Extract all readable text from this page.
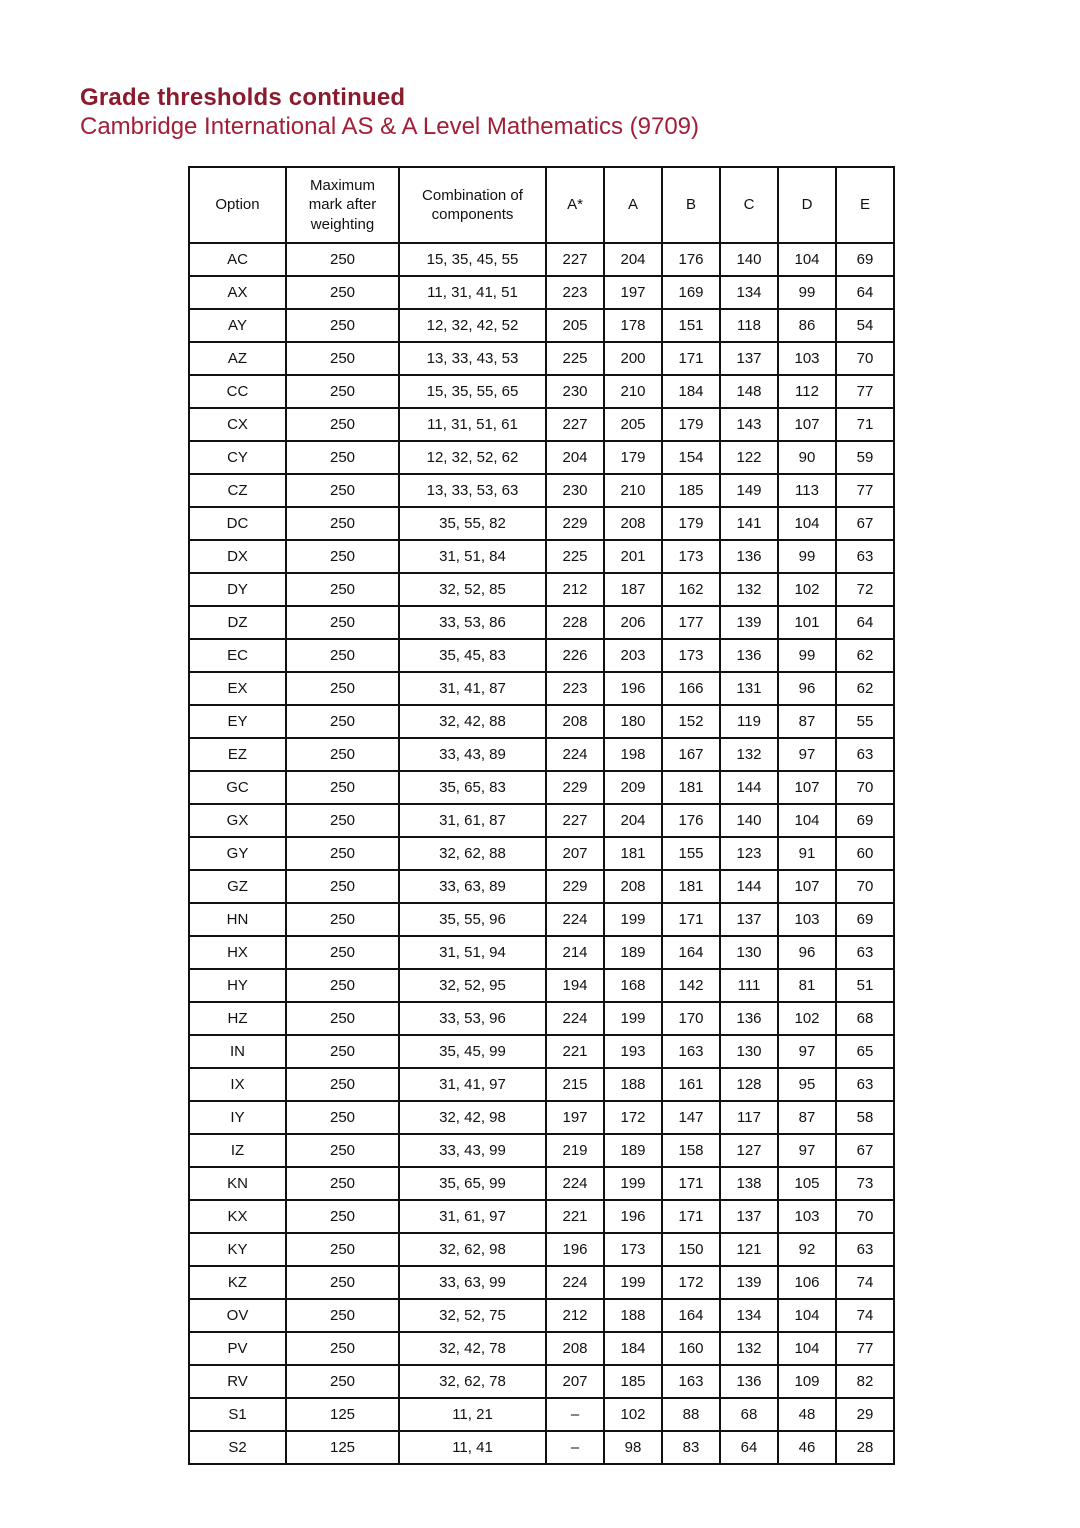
Grade thresholds continued
Cambridge International AS & A Level Mathematics (9709)
Option	Maximum mark after weighting	Combination of components	A*	A	B	C	D	E
AC	250	15, 35, 45, 55	227	204	176	140	104	69
AX	250	11, 31, 41, 51	223	197	169	134	99	64
AY	250	12, 32, 42, 52	205	178	151	118	86	54
AZ	250	13, 33, 43, 53	225	200	171	137	103	70
CC	250	15, 35, 55, 65	230	210	184	148	112	77
CX	250	11, 31, 51, 61	227	205	179	143	107	71
CY	250	12, 32, 52, 62	204	179	154	122	90	59
CZ	250	13, 33, 53, 63	230	210	185	149	113	77
DC	250	35, 55, 82	229	208	179	141	104	67
DX	250	31, 51, 84	225	201	173	136	99	63
DY	250	32, 52, 85	212	187	162	132	102	72
DZ	250	33, 53, 86	228	206	177	139	101	64
EC	250	35, 45, 83	226	203	173	136	99	62
EX	250	31, 41, 87	223	196	166	131	96	62
EY	250	32, 42, 88	208	180	152	119	87	55
EZ	250	33, 43, 89	224	198	167	132	97	63
GC	250	35, 65, 83	229	209	181	144	107	70
GX	250	31, 61, 87	227	204	176	140	104	69
GY	250	32, 62, 88	207	181	155	123	91	60
GZ	250	33, 63, 89	229	208	181	144	107	70
HN	250	35, 55, 96	224	199	171	137	103	69
HX	250	31, 51, 94	214	189	164	130	96	63
HY	250	32, 52, 95	194	168	142	111	81	51
HZ	250	33, 53, 96	224	199	170	136	102	68
IN	250	35, 45, 99	221	193	163	130	97	65
IX	250	31, 41, 97	215	188	161	128	95	63
IY	250	32, 42, 98	197	172	147	117	87	58
IZ	250	33, 43, 99	219	189	158	127	97	67
KN	250	35, 65, 99	224	199	171	138	105	73
KX	250	31, 61, 97	221	196	171	137	103	70
KY	250	32, 62, 98	196	173	150	121	92	63
KZ	250	33, 63, 99	224	199	172	139	106	74
OV	250	32, 52, 75	212	188	164	134	104	74
PV	250	32, 42, 78	208	184	160	132	104	77
RV	250	32, 62, 78	207	185	163	136	109	82
S1	125	11, 21	–	102	88	68	48	29
S2	125	11, 41	–	98	83	64	46	28
